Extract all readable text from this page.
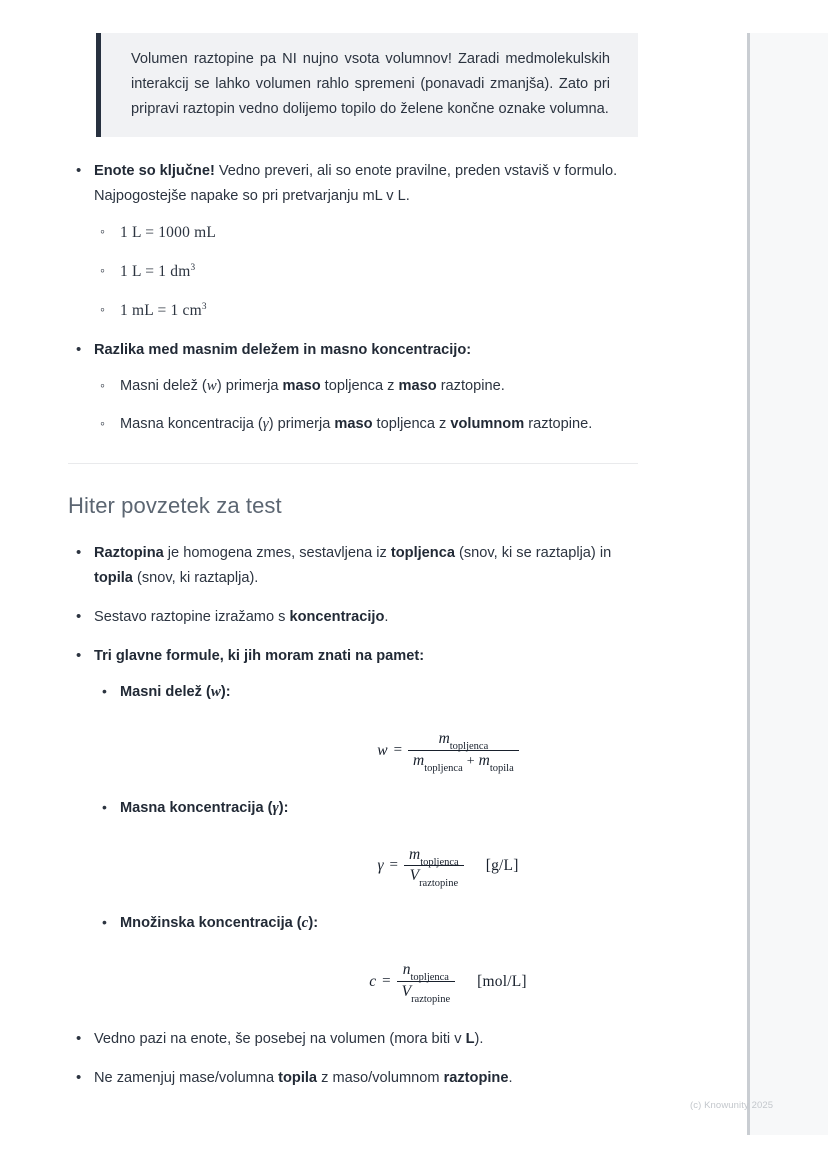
Volumen raztopine pa NI nujno vsota volumnov! Zaradi medmolekulskih interakcij se lahko volumen rahlo spremeni (ponavadi zmanjša). Zato pri pripravi raztopin vedno dolijemo topilo do želene končne oznake volumna.

• Enote so ključne! Vedno preveri, ali so enote pravilne, preden vstaviš v formulo. Najpogostejše napake so pri pretvarjanju mL v L.
◦ 1 L = 1000 mL
◦ 1 L = 1 $dm^3$
◦ 1 mL = 1 $cm^3$
• Razlika med masnim deležem in masno koncentracijo:
◦ Masni delež (w) primerja maso topljenca z maso raztopine.
◦ Masna koncentracija (γ) primerja maso topljenca z volumnom raztopine.
Hiter povzetek za test
• Raztopina je homogena zmes, sestavljena iz topljenca (snov, ki se raztaplja) in topila (snov, ki raztaplja).
• Sestavo raztopine izražamo s koncentracijo.
• Tri glavne formule, ki jih moram znati na pamet:
• Masni delež (w):
$w = \frac{m_{topljenca}}{m_{topljenca} + m_{topila}}$
• Masna koncentracija (γ):
$\gamma = \frac{m_{topljenca}}{V_{raztopine}} [g/L]$
• Množinska koncentracija (c):
$c = \frac{n_{topljenca}}{V_{raztopine}} [mol/L]$
• Vedno pazi na enote, še posebej na volumen (mora biti v L).
• Ne zamenjuj mase/volumna topila z maso/volumnom raztopine.
(c) Knowunity 2025
